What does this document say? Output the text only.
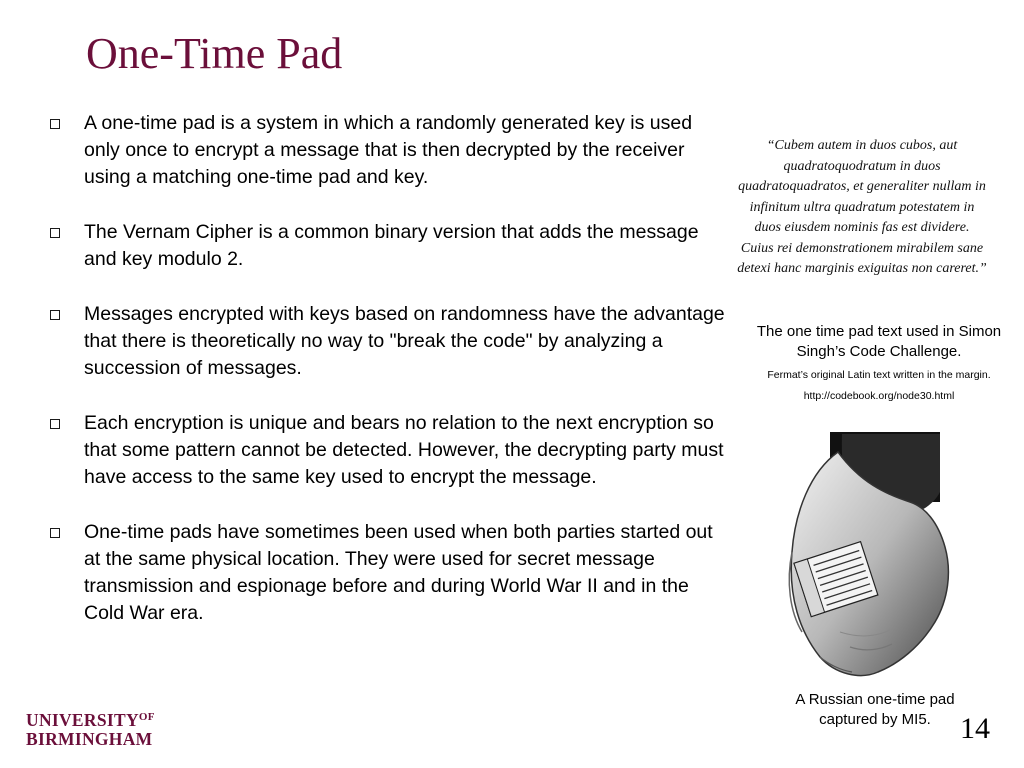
One-Time Pad
A one-time pad is a system in which a randomly generated key is used only once to encrypt a message that is then decrypted by the receiver using a matching one-time pad and key.
The Vernam Cipher is a common binary version that adds the message and key modulo 2.
Messages encrypted with keys based on randomness have the advantage that there is theoretically no way to "break the code" by analyzing a succession of messages.
Each encryption is unique and bears no relation to the next encryption so that some pattern cannot be detected. However, the decrypting party must have access to the same key used to encrypt the message.
One-time pads have sometimes been used when both parties started out at the same physical location. They were used for secret message transmission and espionage before and during World War II and in the Cold War era.
“Cubem autem in duos cubos, aut quadratoquodratum in duos quadratoquadratos, et generaliter nullam in infinitum ultra quadratum potestatem in duos eiusdem nominis fas est dividere. Cuius rei demonstrationem mirabilem sane detexi hanc marginis exiguitas non careret.”
The one time pad text used in Simon Singh’s Code Challenge.
Fermat’s original Latin text written in the margin.
http://codebook.org/node30.html
A Russian one-time pad captured by MI5.
$UNIVERSITY^{OF}$
BIRMINGHAM	14
